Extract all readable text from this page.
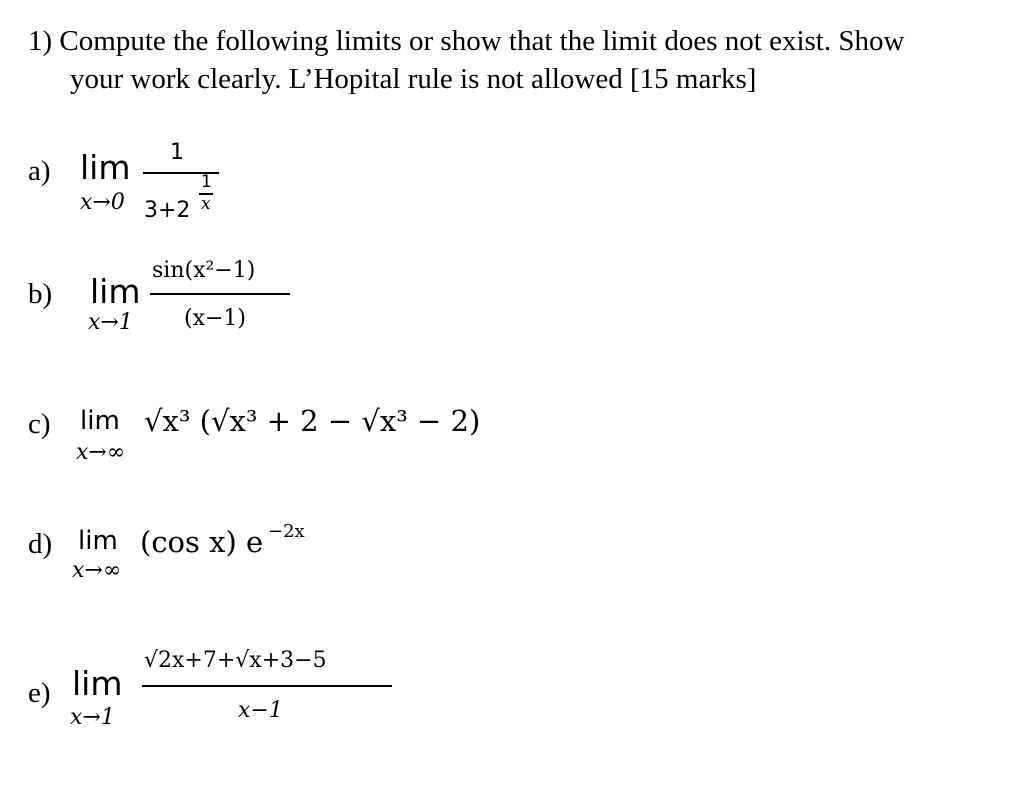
1) Compute the following limits or show that the limit does not exist. Show
your work clearly. L’Hopital rule is not allowed [15 marks]
a) lim
x→0
1
3+2
1
x
b) lim
x→1
sin(x²−1)
(x−1)
c) lim
x→∞
√x³ (√x³ + 2 − √x³ − 2)
d) lim
x→∞
(cos x) e −2x
e) lim
x→1
√2x+7+√x+3−5
x−1
